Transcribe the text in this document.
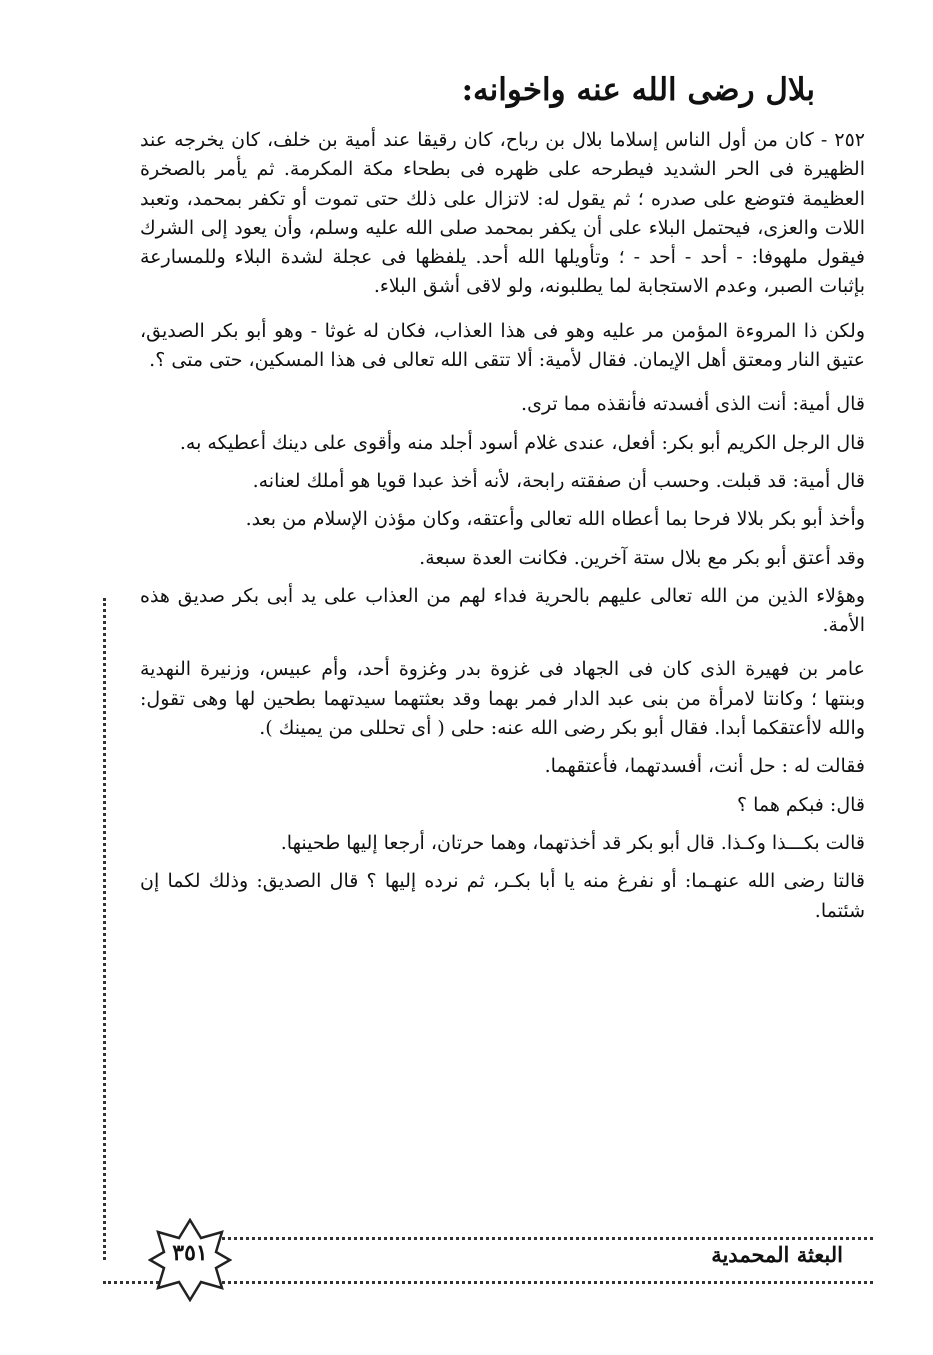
بلال رضى الله عنه واخوانه:

٢٥٢ - كان من أول الناس إسلاما بلال بن رباح، كان رقيقا عند أمية بن خلف، كان يخرجه عند الظهيرة فى الحر الشديد فيطرحه على ظهره فى بطحاء مكة المكرمة. ثم يأمر بالصخرة العظيمة فتوضع على صدره ؛ ثم يقول له: لاتزال على ذلك حتى تموت أو تكفر بمحمد، وتعبد اللات والعزى، فيحتمل البلاء على أن يكفر بمحمد صلى الله عليه وسلم، وأن يعود إلى الشرك فيقول ملهوفا: - أحد - أحد - ؛ وتأويلها الله أحد. يلفظها فى عجلة لشدة البلاء وللمسارعة بإثبات الصبر، وعدم الاستجابة لما يطلبونه، ولو لاقى أشق البلاء.

ولكن ذا المروءة المؤمن مر عليه وهو فى هذا العذاب، فكان له غوثا - وهو أبو بكر الصديق، عتيق النار ومعتق أهل الإيمان. فقال لأمية: ألا تتقى الله تعالى فى هذا المسكين، حتى متى ؟.

قال أمية: أنت الذى أفسدته فأنقذه مما ترى.

قال الرجل الكريم أبو بكر: أفعل، عندى غلام أسود أجلد منه وأقوى على دينك أعطيكه به.

قال أمية: قد قبلت. وحسب أن صفقته رابحة، لأنه أخذ عبدا قويا هو أملك لعنانه.

وأخذ أبو بكر بلالا فرحا بما أعطاه الله تعالى وأعتقه، وكان مؤذن الإسلام من بعد.

وقد أعتق أبو بكر مع بلال ستة آخرين. فكانت العدة سبعة.

وهؤلاء الذين من الله تعالى عليهم بالحرية فداء لهم من العذاب على يد أبى بكر صديق هذه الأمة.

عامر بن فهيرة الذى كان فى الجهاد فى غزوة بدر وغزوة أحد، وأم عبيس، وزنيرة النهدية وبنتها ؛ وكانتا لامرأة من بنى عبد الدار فمر بهما وقد بعثتهما سيدتهما بطحين لها وهى تقول: والله لاأعتقكما أبدا. فقال أبو بكر رضى الله عنه: حلى ( أى تحللى من يمينك ).

فقالت له : حل أنت، أفسدتهما، فأعتقهما.

قال: فبكم هما ؟

قالت بكـــذا وكـذا. قال أبو بكر قد أخذتهما، وهما حرتان، أرجعا إليها طحينها.

قالتا رضى الله عنهـما: أو نفرغ منه يا أبا بكـر، ثم نرده إليها ؟ قال الصديق: وذلك لكما إن شئتما.

٣٥١	البعثة المحمدية
